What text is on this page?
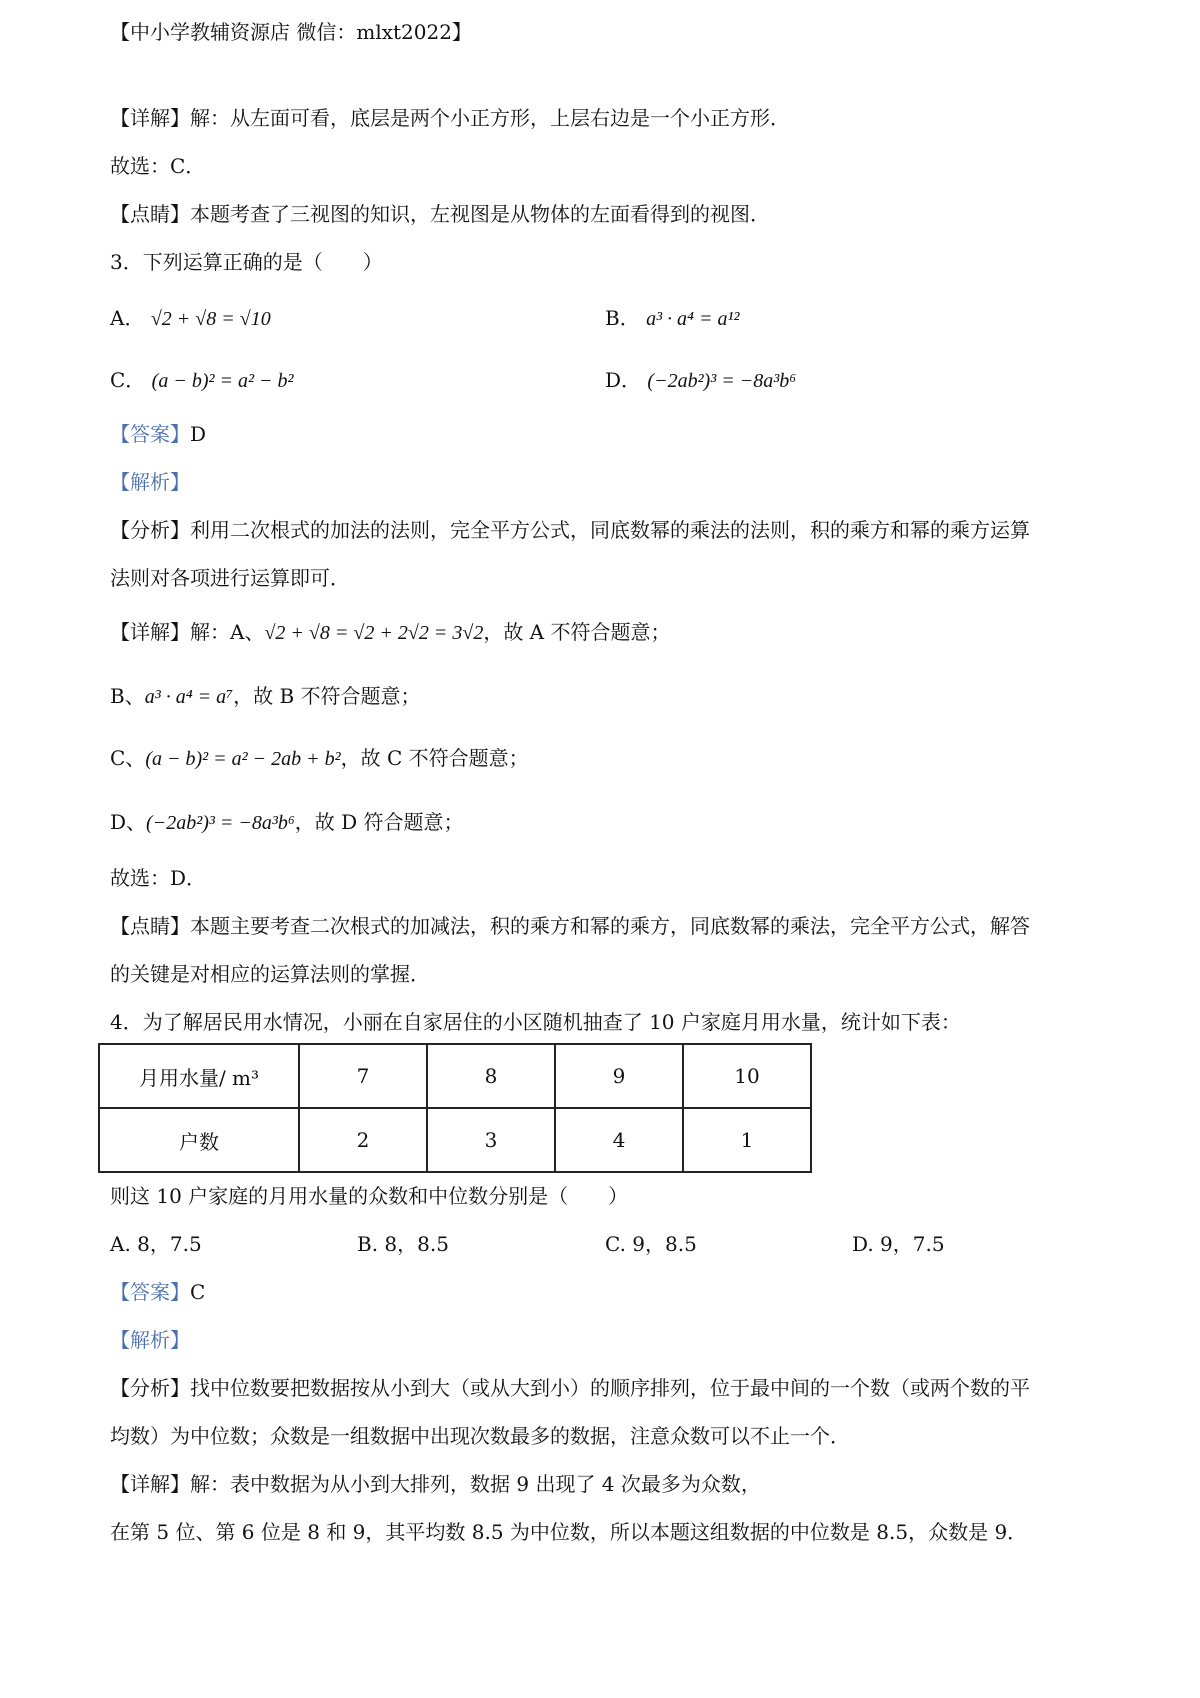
【中小学教辅资源店 微信：mlxt2022】
【详解】解：从左面可看，底层是两个小正方形，上层右边是一个小正方形．
故选：C．
【点睛】本题考查了三视图的知识，左视图是从物体的左面看得到的视图．
3．下列运算正确的是（　　）
A． √2 + √8 = √10	B． a³ · a⁴ = a¹²
C． (a − b)² = a² − b²	D． (−2ab²)³ = −8a³b⁶
【答案】D
【解析】
【分析】利用二次根式的加法的法则，完全平方公式，同底数幂的乘法的法则，积的乘方和幂的乘方运算
法则对各项进行运算即可．
【详解】解：A、√2 + √8 = √2 + 2√2 = 3√2，故 A 不符合题意；
B、a³ · a⁴ = a⁷，故 B 不符合题意；
C、(a − b)² = a² − 2ab + b²，故 C 不符合题意；
D、(−2ab²)³ = −8a³b⁶，故 D 符合题意；
故选：D．
【点睛】本题主要考查二次根式的加减法，积的乘方和幂的乘方，同底数幂的乘法，完全平方公式，解答
的关键是对相应的运算法则的掌握．
4．为了解居民用水情况，小丽在自家居住的小区随机抽查了 10 户家庭月用水量，统计如下表：
月用水量/ m³	7	8	9	10
户数	2	3	4	1
则这 10 户家庭的月用水量的众数和中位数分别是（　　）
A. 8，7.5	B. 8，8.5	C. 9，8.5	D. 9，7.5
【答案】C
【解析】
【分析】找中位数要把数据按从小到大（或从大到小）的顺序排列，位于最中间的一个数（或两个数的平
均数）为中位数；众数是一组数据中出现次数最多的数据，注意众数可以不止一个．
【详解】解：表中数据为从小到大排列，数据 9 出现了 4 次最多为众数，
在第 5 位、第 6 位是 8 和 9，其平均数 8.5 为中位数，所以本题这组数据的中位数是 8.5，众数是 9．
